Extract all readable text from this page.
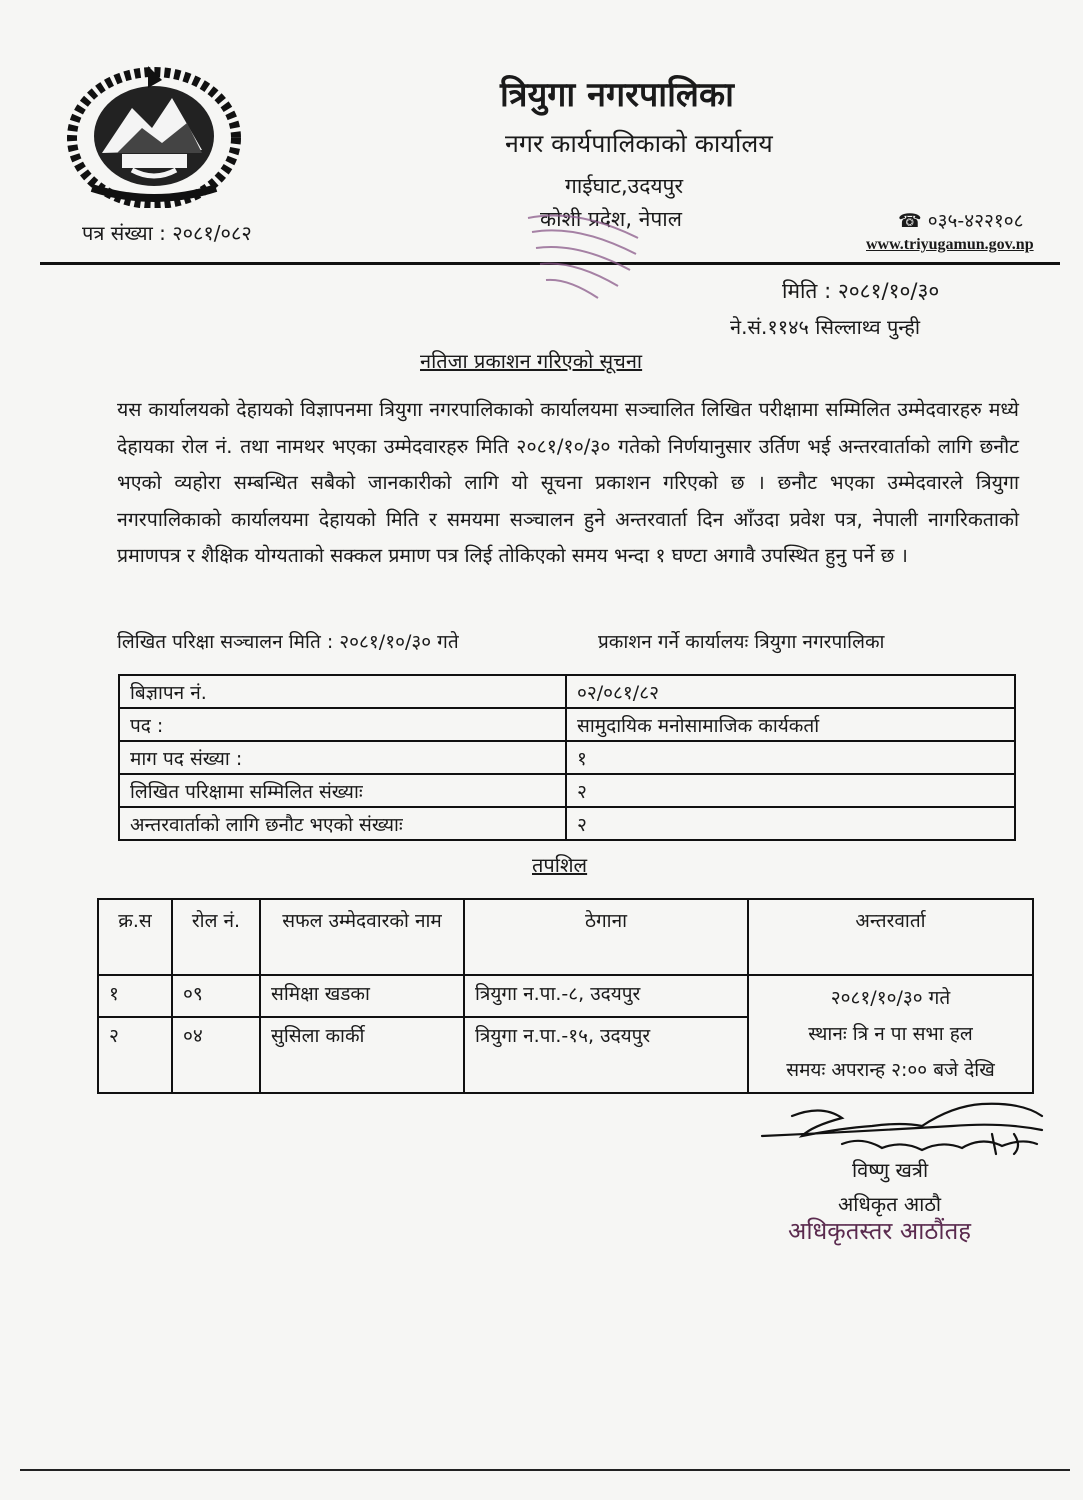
त्रियुगा नगरपालिका
नगर कार्यपालिकाको कार्यालय
गाईघाट,उदयपुर
कोशी प्रदेश, नेपाल
पत्र संख्या : २०८१/०८२	☎ ०३५-४२२१०८
www.triyugamun.gov.np
मिति : २०८१/१०/३०
ने.सं.११४५ सिल्लाथ्व पुन्ही
नतिजा प्रकाशन गरिएको सूचना
यस कार्यालयको देहायको विज्ञापनमा त्रियुगा नगरपालिकाको कार्यालयमा सञ्चालित लिखित परीक्षामा सम्मिलित उम्मेदवारहरु मध्ये देहायका रोल नं. तथा नामथर भएका उम्मेदवारहरु मिति २०८१/१०/३० गतेको निर्णयानुसार उर्तिण भई अन्तरवार्ताको लागि छनौट भएको व्यहोरा सम्बन्धित सबैको जानकारीको लागि यो सूचना प्रकाशन गरिएको छ । छनौट भएका उम्मेदवारले त्रियुगा नगरपालिकाको कार्यालयमा देहायको मिति र समयमा सञ्चालन हुने अन्तरवार्ता दिन आँउदा प्रवेश पत्र, नेपाली नागरिकताको प्रमाणपत्र र शैक्षिक योग्यताको सक्कल प्रमाण पत्र लिई तोकिएको समय भन्दा १ घण्टा अगावै उपस्थित हुनु पर्ने छ ।
लिखित परिक्षा सञ्चालन मिति : २०८१/१०/३० गते	प्रकाशन गर्ने कार्यालयः त्रियुगा नगरपालिका
बिज्ञापन नं.	०२/०८१/८२
पद :	सामुदायिक मनोसामाजिक कार्यकर्ता
माग पद संख्या :	१
लिखित परिक्षामा सम्मिलित संख्याः	२
अन्तरवार्ताको लागि छनौट भएको संख्याः	२
तपशिल
क्र.स	रोल नं.	सफल उम्मेदवारको नाम	ठेगाना	अन्तरवार्ता
१	०९	समिक्षा खडका	त्रियुगा न.पा.-८, उदयपुर	२०८१/१०/३० गते
स्थानः त्रि न पा सभा हल
समयः अपरान्ह २:०० बजे देखि

२	०४	सुसिला कार्की	त्रियुगा न.पा.-१५, उदयपुर	
विष्णु खत्री
अधिकृत आठौ
अधिकृतस्तर आठौंतह
